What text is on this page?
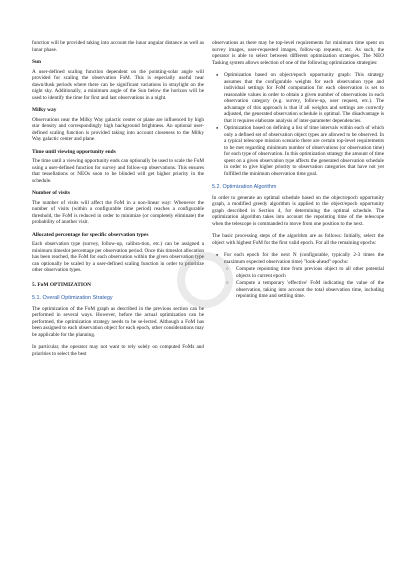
function will be provided taking into account the lunar angular distance as well as lunar phase.

Sun

A user-defined scaling function dependent on the pointing-solar angle will provided for scaling the observation FoM. This is especially useful near dawn/dusk periods where there can be significant variations in straylight on the night sky. Additionally, a minimum angle of the Sun below the horizon will be used to identify the time for first and last observations in a night.

Milky way

Observations near the Milky Way galactic center or plane are influenced by high star density and correspondingly high background brightness. An optional user-defined scaling function is provided taking into account closeness to the Milky Way galactic center and plane.

Time until viewing opportunity ends

The time until a viewing opportunity ends can optionally be used to scale the FoM using a user-defined function for survey and follow-up observations. This ensures that tessellations or NEOs soon to be blinded will get higher priority in the schedule.

Number of visits

The number of visits will affect the FoM in a non-linear way: Whenever the number of visits (within a configurable time period) reaches a configurable threshold, the FoM is reduced in order to minimize (or completely eliminate) the probability of another visit.

Allocated percentage for specific observation types

Each observation type (survey, follow-up, calibra-tion, etc.) can be assigned a minimum timeslot percentage per observation period. Once this timeslot allocation has been reached, the FoM for each observation within the given observation type can optionally be scaled by a user-defined scaling function in order to prioritize other observation types.

5. FoM OPTIMIZATION
5.1. Overall Optimization Strategy

The optimization of the FoM graph as described in the previous section can be performed in several ways. However, before the actual optimization can be performed, the optimization strategy needs to be se-lected. Although a FoM has been assigned to each observation object for each epoch, other considerations may be applicable for the planning.

In particular, the operator may not want to rely solely on computed FoMs and priorities to select the best

observations as there may be top-level requirements for minimum time spent on survey images, user-requested images, follow-up requests, etc. As such, the operator is able to select between different optimization strategies. The NEO Tasking system allows selection of one of the following optimization strategies:

● Optimization based on object/epoch opportunity graph: This strategy assumes that the configurable weights for each observation type and individual settings for FoM computation for each observation is set to reasonable values in order to obtain a given number of observations in each observation category (e.g. survey, follow-up, user request, etc.). The advantage of this approach is that if all weights and settings are correctly adjusted, the generated observation schedule is optimal. The disadvantage is that it requires elaborate analysis of inter-parameter dependencies.
● Optimization based on defining a list of time intervals within each of which only a defined set of observation object types are allowed to be observed. In a typical telescope mission scenario there are certain top-level requirements to be met regarding minimum number of observations (or observation time) for each type of observation. In this optimization strategy the amount of time spent on a given observation type affects the generated observation schedule in order to give higher priority to observation categories that have not yet fulfilled the minimum observation time goal.
5.2. Optimization Algorithm

In order to generate an optimal schedule based on the object/epoch opportunity graph, a modified greedy algorithm is applied to the object/epoch opportunity graph described in Section 4, for determining the optimal schedule. The optimization algorithm takes into account the repointing time of the telescope when the telescope is commanded to move from one position to the next.

The basic processing steps of the algorithm are as follows: Initially, select the object with highest FoM for the first valid epoch. For all the remaining epochs:

● For each epoch for the next N (configurable, typically 2-3 times the maximum expected observation time) "look-ahead" epochs:
○ Compute repointing time from previous object to all other potential objects in current epoch
○ Compute a temporary 'effective' FoM indicating the value of the observation, taking into account the total observation time, including repointing time and settling time.
